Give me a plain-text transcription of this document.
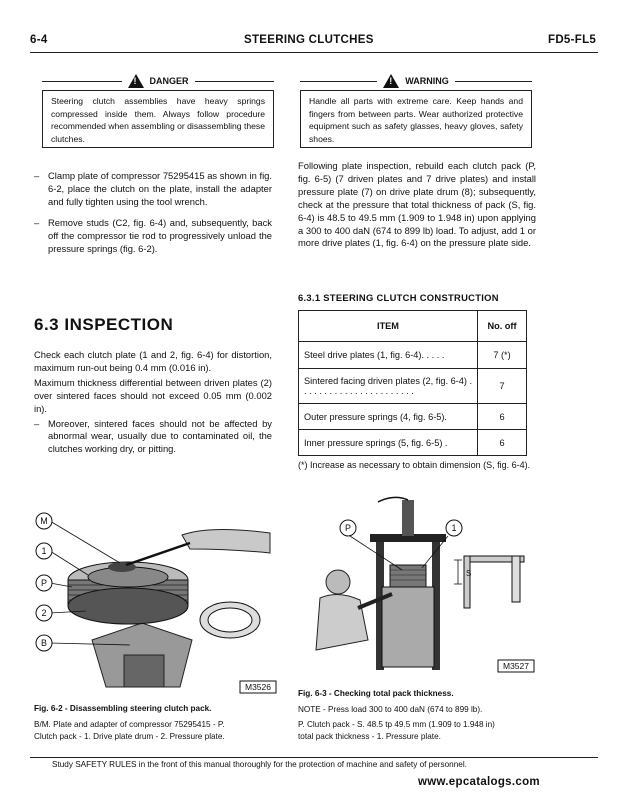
6-4	STEERING CLUTCHES	FD5-FL5
!
DANGER
Steering clutch assemblies have heavy springs compressed inside them. Always follow procedure recommended when assembling or disassembling these clutches.
!
WARNING
Handle all parts with extreme care. Keep hands and fingers from between parts. Wear authorized protective equipment such as safety glasses, heavy gloves, safety shoes.
– Clamp plate of compressor 75295415 as shown in fig. 6-2, place the clutch on the plate, install the adapter and fully tighten using the tool wrench.
– Remove studs (C2, fig. 6-4) and, subsequently, back off the compressor tie rod to progressively unload the pressure springs (fig. 6-2).
6.3 INSPECTION

Check each clutch plate (1 and 2, fig. 6-4) for distortion, maximum run-out being 0.4 mm (0.016 in).

Maximum thickness differential between driven plates (2) over sintered faces should not exceed 0.05 mm (0.002 in).

– Moreover, sintered faces should not be affected by abnormal wear, usually due to contaminated oil, the clutches working dry, or pitting.
Following plate inspection, rebuild each clutch pack (P, fig. 6-5) (7 driven plates and 7 drive plates) and install pressure plate (7) on drive plate drum (8); subsequently, check at the pressure that total thickness of pack (S, fig. 6-4) is 48.5 to 49.5 mm (1.909 to 1.948 in) upon applying a 300 to 400 daN (674 to 899 lb) load. To adjust, add 1 or more drive plates (1, fig. 6-4) on the pressure plate side.
6.3.1 STEERING CLUTCH CONSTRUCTION
ITEM	No. off
Steel drive plates (1, fig. 6-4). . . . .	7 (*)
Sintered facing driven plates (2, fig. 6-4) . . . . . . . . . . . . . . . . . . . . . . .	7
Outer pressure springs (4, fig. 6-5).	6
Inner pressure springs (5, fig. 6-5) .	6
(*) Increase as necessary to obtain dimension (S, fig. 6-4).
M
1
P
2
B
M3526
S
P	1
M3527
Fig. 6-2 - Disassembling steering clutch pack.
B/M. Plate and adapter of compressor 75295415 - P.
Clutch pack - 1. Drive plate drum - 2. Pressure plate.
Fig. 6-3 - Checking total pack thickness.
NOTE - Press load 300 to 400 daN (674 to 899 lb).
P. Clutch pack - S. 48.5 tp 49.5 mm (1.909 to 1.948 in)
total pack thickness - 1. Pressure plate.
Study SAFETY RULES in the front of this manual thoroughly for the protection of machine and safety of personnel.
www.epcatalogs.com
